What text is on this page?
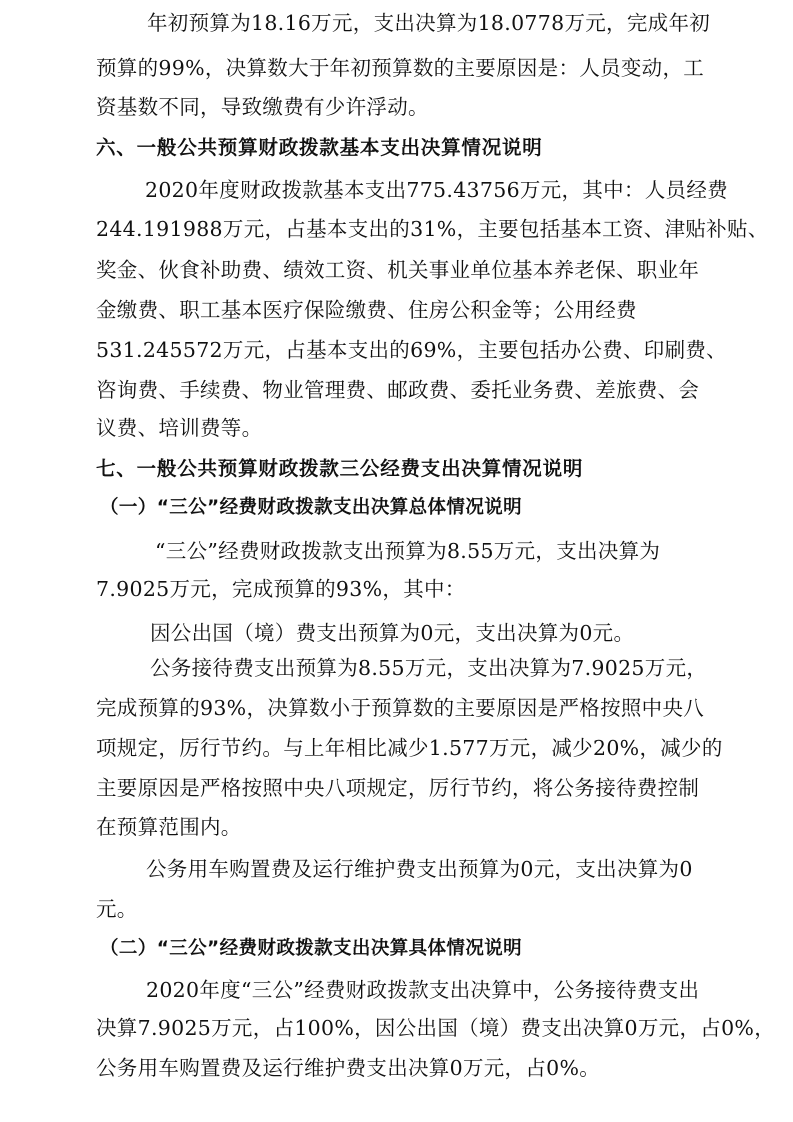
年初预算为18.16万元，支出决算为18.0778万元，完成年初
预算的99%，决算数大于年初预算数的主要原因是：人员变动，工
资基数不同，导致缴费有少许浮动。
六、一般公共预算财政拨款基本支出决算情况说明
2020年度财政拨款基本支出775.43756万元，其中：人员经费
244.191988万元，占基本支出的31%，主要包括基本工资、津贴补贴、
奖金、伙食补助费、绩效工资、机关事业单位基本养老保、职业年
金缴费、职工基本医疗保险缴费、住房公积金等；公用经费
531.245572万元，占基本支出的69%，主要包括办公费、印刷费、
咨询费、手续费、物业管理费、邮政费、委托业务费、差旅费、会
议费、培训费等。
七、一般公共预算财政拨款三公经费支出决算情况说明
（一）“三公”经费财政拨款支出决算总体情况说明
“三公”经费财政拨款支出预算为8.55万元，支出决算为
7.9025万元，完成预算的93%，其中：
因公出国（境）费支出预算为0元，支出决算为0元。
公务接待费支出预算为8.55万元，支出决算为7.9025万元，
完成预算的93%，决算数小于预算数的主要原因是严格按照中央八
项规定，厉行节约。与上年相比减少1.577万元，减少20%，减少的
主要原因是严格按照中央八项规定，厉行节约，将公务接待费控制
在预算范围内。
公务用车购置费及运行维护费支出预算为0元，支出决算为0
元。
（二）“三公”经费财政拨款支出决算具体情况说明
2020年度“三公”经费财政拨款支出决算中，公务接待费支出
决算7.9025万元，占100%，因公出国（境）费支出决算0万元，占0%，
公务用车购置费及运行维护费支出决算0万元，占0%。
